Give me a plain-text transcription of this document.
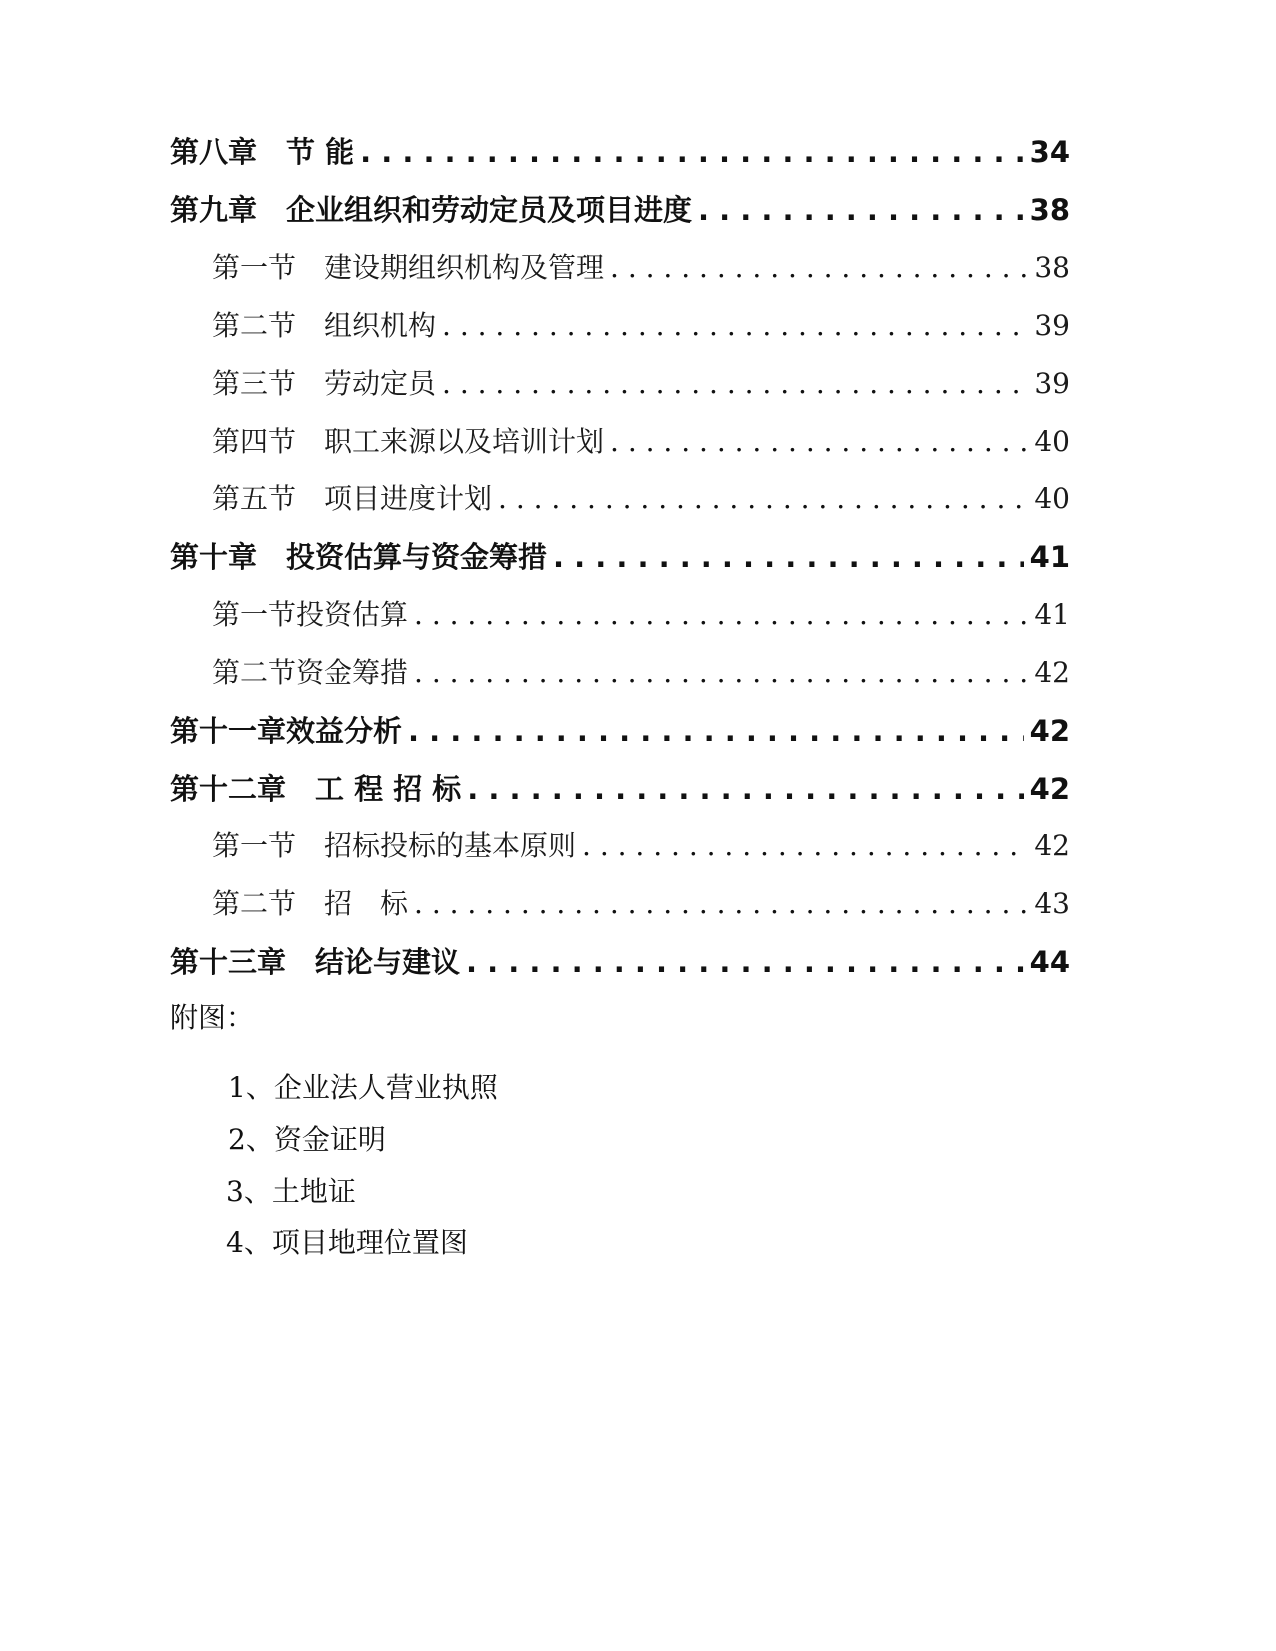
第八章　节 能 . . .	34
第九章　企业组织和劳动定员及项目进度 . . .	38
第一节　建设期组织机构及管理 . . .	38
第二节　组织机构 . . .	39
第三节　劳动定员 . . .	39
第四节　职工来源以及培训计划 . . .	40
第五节　项目进度计划 . . .	40
第十章　投资估算与资金筹措 . . .	41
第一节投资估算 . . .	41
第二节资金筹措 . . .	42
第十一章效益分析 . . .	42
第十二章　工 程 招 标 . . .	42
第一节　招标投标的基本原则 . . .	42
第二节　招　标 . . .	43
第十三章　结论与建议 . . .	44
附图：
1、企业法人营业执照
2、资金证明
3、土地证
4、项目地理位置图
